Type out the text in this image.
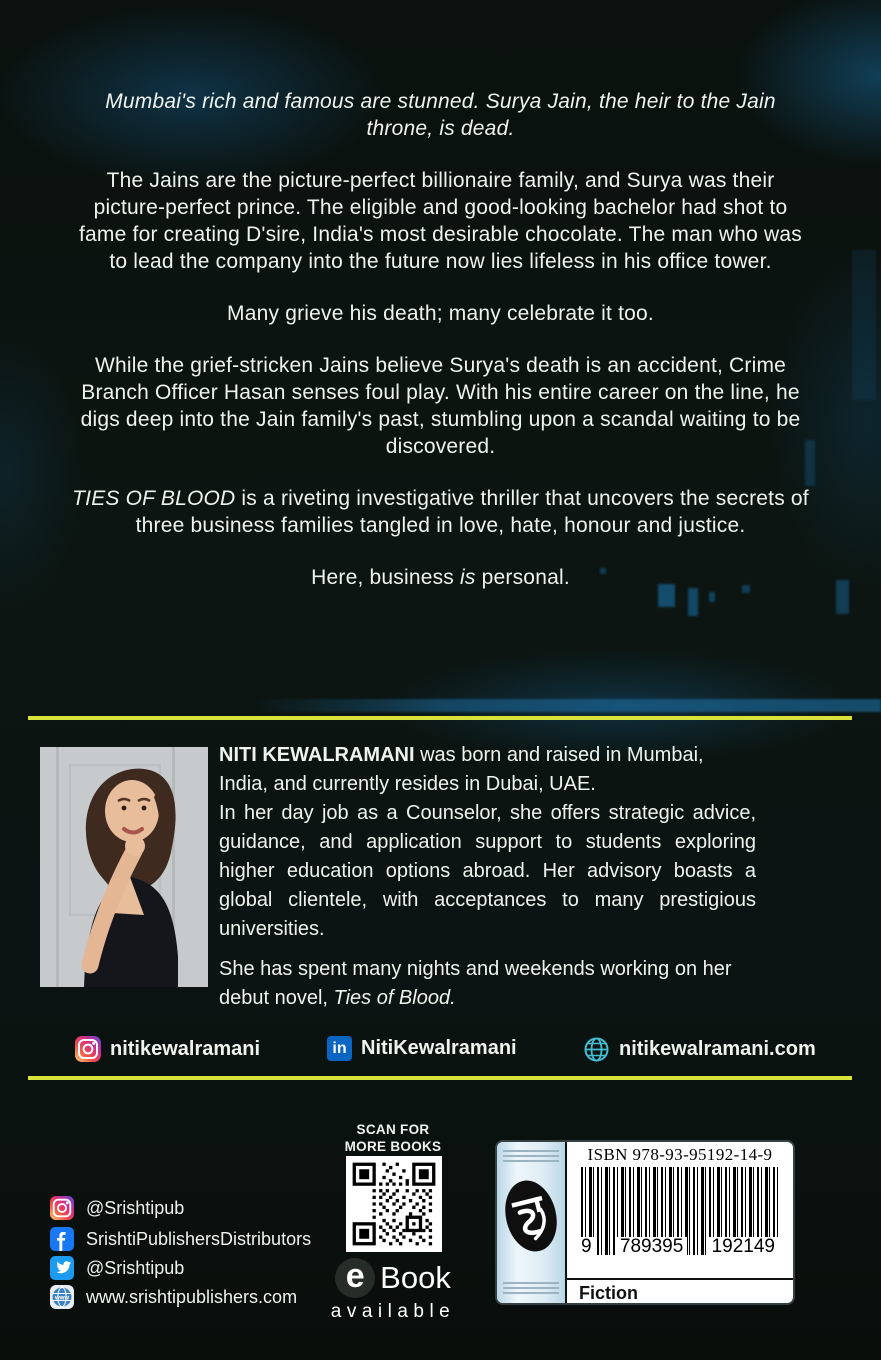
Mumbai's rich and famous are stunned. Surya Jain, the heir to the Jain throne, is dead.

The Jains are the picture-perfect billionaire family, and Surya was their picture-perfect prince. The eligible and good-looking bachelor had shot to fame for creating D'sire, India's most desirable chocolate. The man who was to lead the company into the future now lies lifeless in his office tower.

Many grieve his death; many celebrate it too.

While the grief-stricken Jains believe Surya's death is an accident, Crime Branch Officer Hasan senses foul play. With his entire career on the line, he digs deep into the Jain family's past, stumbling upon a scandal waiting to be discovered.

TIES OF BLOOD is a riveting investigative thriller that uncovers the secrets of three business families tangled in love, hate, honour and justice.

Here, business is personal.

NITI KEWALRAMANI was born and raised in Mumbai, India, and currently resides in Dubai, UAE.

In her day job as a Counselor, she offers strategic advice, guidance, and application support to students exploring higher education options abroad. Her advisory boasts a global clientele, with acceptances to many prestigious universities.

She has spent many nights and weekends working on her debut novel, Ties of Blood.

nitikewalramani	in NitiKewalramani	nitikewalramani.com
@Srishtipub
SrishtiPublishersDistributors
@Srishtipub
www www.srishtipublishers.com
SCAN FOR
MORE BOOKS
e Book
available
ISBN 978-93-95192-14-9
9 789395 192149
Fiction
